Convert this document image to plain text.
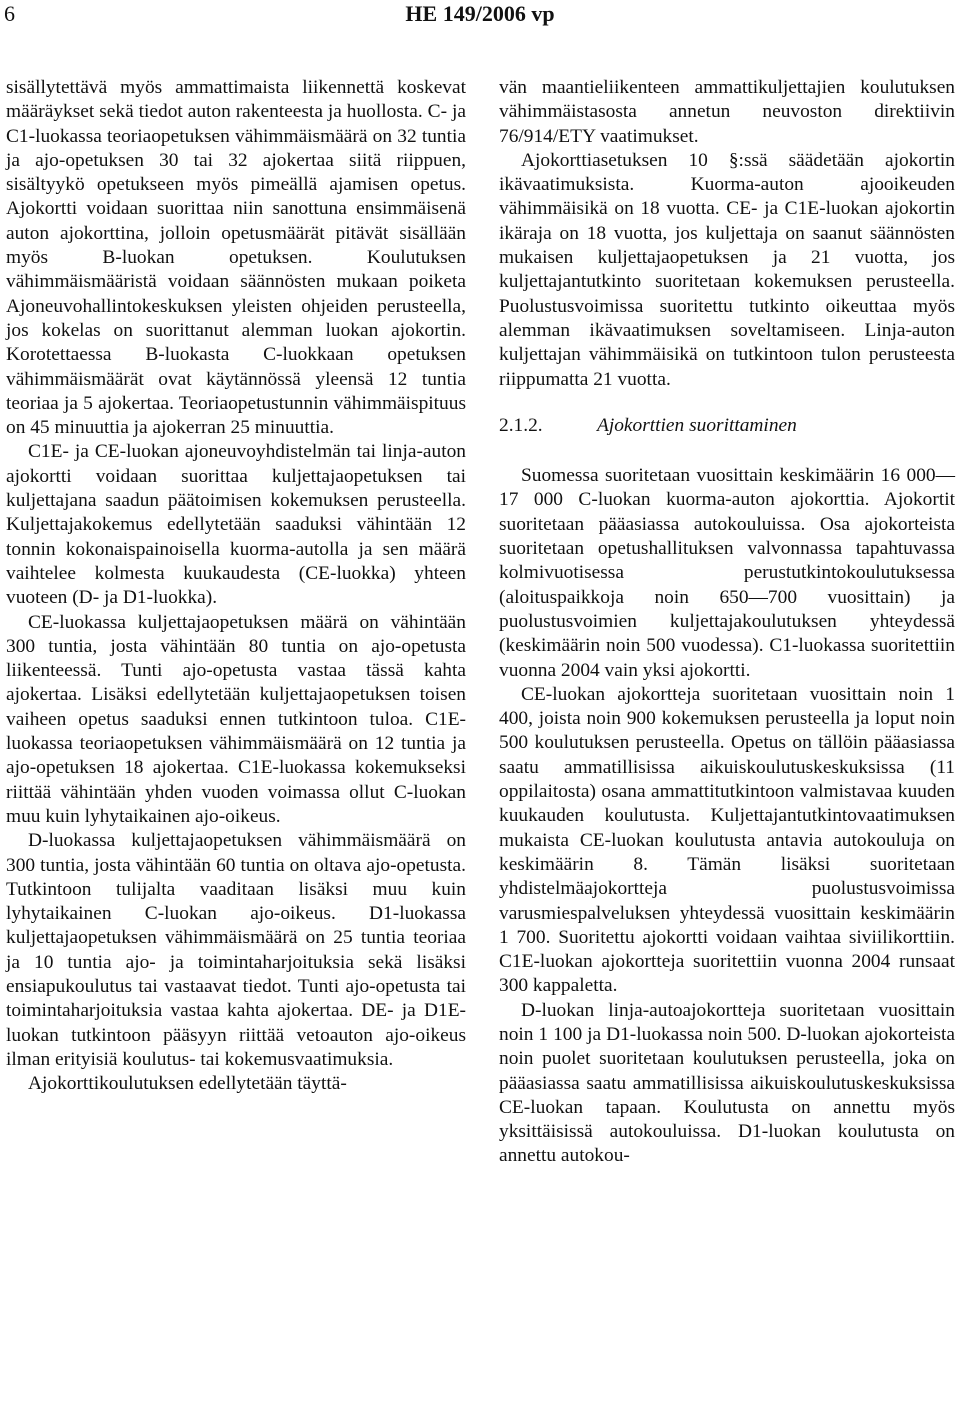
6	HE 149/2006 vp

sisällytettävä myös ammattimaista liikennettä koskevat määräykset sekä tiedot auton rakenteesta ja huollosta. C- ja C1-luokassa teoriaopetuksen vähimmäismäärä on 32 tuntia ja ajo-opetuksen 30 tai 32 ajokertaa siitä riippuen, sisältyykö opetukseen myös pimeällä ajamisen opetus. Ajokortti voidaan suorittaa niin sanottuna ensimmäisenä auton ajokorttina, jolloin opetusmäärät pitävät sisällään myös B-luokan opetuksen. Koulutuksen vähimmäismääristä voidaan säännösten mukaan poiketa Ajoneuvohallintokeskuksen yleisten ohjeiden perusteella, jos kokelas on suorittanut alemman luokan ajokortin. Korotettaessa B-luokasta C-luokkaan opetuksen vähimmäismäärät ovat käytännössä yleensä 12 tuntia teoriaa ja 5 ajokertaa. Teoriaopetustunnin vähimmäispituus on 45 minuuttia ja ajokerran 25 minuuttia.

C1E- ja CE-luokan ajoneuvoyhdistelmän tai linja-auton ajokortti voidaan suorittaa kuljettajaopetuksen tai kuljettajana saadun päätoimisen kokemuksen perusteella. Kuljettajakokemus edellytetään saaduksi vähintään 12 tonnin kokonaispainoisella kuorma-autolla ja sen määrä vaihtelee kolmesta kuukaudesta (CE-luokka) yhteen vuoteen (D- ja D1-luokka).

CE-luokassa kuljettajaopetuksen määrä on vähintään 300 tuntia, josta vähintään 80 tuntia on ajo-opetusta liikenteessä. Tunti ajo-opetusta vastaa tässä kahta ajokertaa. Lisäksi edellytetään kuljettajaopetuksen toisen vaiheen opetus saaduksi ennen tutkintoon tuloa. C1E-luokassa teoriaopetuksen vähimmäismäärä on 12 tuntia ja ajo-opetuksen 18 ajokertaa. C1E-luokassa kokemukseksi riittää vähintään yhden vuoden voimassa ollut C-luokan muu kuin lyhytaikainen ajo-oikeus.

D-luokassa kuljettajaopetuksen vähimmäismäärä on 300 tuntia, josta vähintään 60 tuntia on oltava ajo-opetusta. Tutkintoon tulijalta vaaditaan lisäksi muu kuin lyhytaikainen C-luokan ajo-oikeus. D1-luokassa kuljettajaopetuksen vähimmäismäärä on 25 tuntia teoriaa ja 10 tuntia ajo- ja toimintaharjoituksia sekä lisäksi ensiapukoulutus tai vastaavat tiedot. Tunti ajo-opetusta tai toimintaharjoituksia vastaa kahta ajokertaa. DE- ja D1E-luokan tutkintoon pääsyyn riittää vetoauton ajo-oikeus ilman erityisiä koulutus- tai kokemusvaatimuksia.

Ajokorttikoulutuksen edellytetään täyttä-

vän maantieliikenteen ammattikuljettajien koulutuksen vähimmäistasosta annetun neuvoston direktiivin 76/914/ETY vaatimukset.

Ajokorttiasetuksen 10 §:ssä säädetään ajokortin ikävaatimuksista. Kuorma-auton ajooikeuden vähimmäisikä on 18 vuotta. CE- ja C1E-luokan ajokortin ikäraja on 18 vuotta, jos kuljettaja on saanut säännösten mukaisen kuljettajaopetuksen ja 21 vuotta, jos kuljettajantutkinto suoritetaan kokemuksen perusteella. Puolustusvoimissa suoritettu tutkinto oikeuttaa myös alemman ikävaatimuksen soveltamiseen. Linja-auton kuljettajan vähimmäisikä on tutkintoon tulon perusteesta riippumatta 21 vuotta.

2.1.2.	Ajokorttien suorittaminen

Suomessa suoritetaan vuosittain keskimäärin 16 000—17 000 C-luokan kuorma-auton ajokorttia. Ajokortit suoritetaan pääasiassa autokouluissa. Osa ajokorteista suoritetaan opetushallituksen valvonnassa tapahtuvassa kolmivuotisessa perustutkintokoulutuksessa (aloituspaikkoja noin 650—700 vuosittain) ja puolustusvoimien kuljettajakoulutuksen yhteydessä (keskimäärin noin 500 vuodessa). C1-luokassa suoritettiin vuonna 2004 vain yksi ajokortti.

CE-luokan ajokortteja suoritetaan vuosittain noin 1 400, joista noin 900 kokemuksen perusteella ja loput noin 500 koulutuksen perusteella. Opetus on tällöin pääasiassa saatu ammatillisissa aikuiskoulutuskeskuksissa (11 oppilaitosta) osana ammattitutkintoon valmistavaa kuuden kuukauden koulutusta. Kuljettajantutkintovaatimuksen mukaista CE-luokan koulutusta antavia autokouluja on keskimäärin 8. Tämän lisäksi suoritetaan yhdistelmäajokortteja puolustusvoimissa varusmiespalveluksen yhteydessä vuosittain keskimäärin 1 700. Suoritettu ajokortti voidaan vaihtaa siviilikorttiin. C1E-luokan ajokortteja suoritettiin vuonna 2004 runsaat 300 kappaletta.

D-luokan linja-autoajokortteja suoritetaan vuosittain noin 1 100 ja D1-luokassa noin 500. D-luokan ajokorteista noin puolet suoritetaan koulutuksen perusteella, joka on pääasiassa saatu ammatillisissa aikuiskoulutuskeskuksissa CE-luokan tapaan. Koulutusta on annettu myös yksittäisissä autokouluissa. D1-luokan koulutusta on annettu autokou-
